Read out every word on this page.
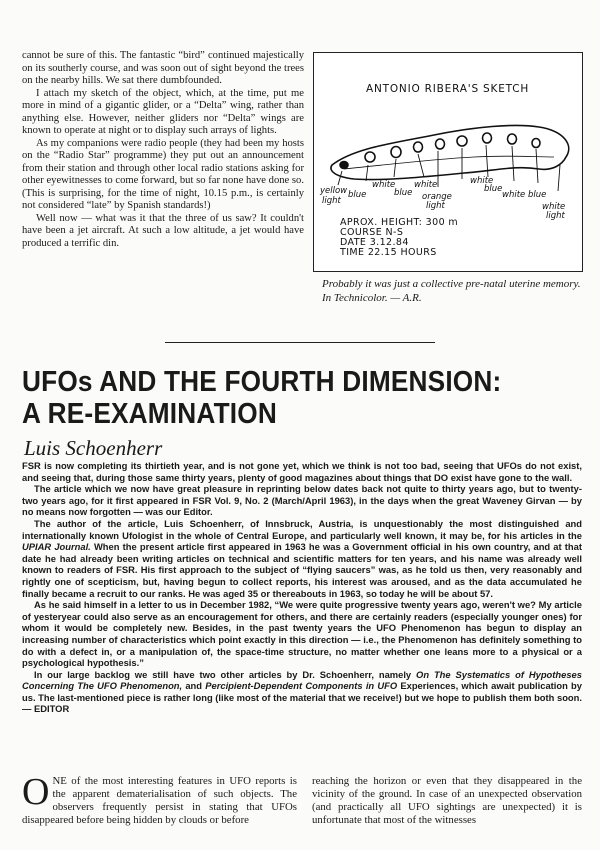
cannot be sure of this. The fantastic “bird” continued majestically on its southerly course, and was soon out of sight beyond the trees on the nearby hills. We sat there dumbfounded.

I attach my sketch of the object, which, at the time, put me more in mind of a gigantic glider, or a “Delta” wing, rather than anything else. However, neither gliders nor “Delta” wings are known to operate at night or to display such arrays of lights.

As my companions were radio people (they had been my hosts on the “Radio Star” programme) they put out an announcement from their station and through other local radio stations asking for other eyewitnesses to come forward, but so far none have done so. (This is surprising, for the time of night, 10.15 p.m., is certainly not considered “late” by Spanish standards!)

Well now — what was it that the three of us saw? It couldn't have been a jet aircraft. At such a low altitude, a jet would have produced a terrific din.

ANTONIO RIBERA'S SKETCH
yellow
light
blue
white
blue
white
orange
light
white
blue
white blue
white
light
APROX. HEIGHT: 300 m
COURSE N-S
DATE 3.12.84
TIME 22.15 HOURS
Probably it was just a collective pre-natal uterine memory. In Technicolor. — A.R.
UFOs AND THE FOURTH DIMENSION:
A RE-EXAMINATION
Luis Schoenherr

FSR is now completing its thirtieth year, and is not gone yet, which we think is not too bad, seeing that UFOs do not exist, and seeing that, during those same thirty years, plenty of good magazines about things that DO exist have gone to the wall.

The article which we now have great pleasure in reprinting below dates back not quite to thirty years ago, but to twenty-two years ago, for it first appeared in FSR Vol. 9, No. 2 (March/April 1963), in the days when the great Waveney Girvan — by no means now forgotten — was our Editor.

The author of the article, Luis Schoenherr, of Innsbruck, Austria, is unquestionably the most distinguished and internationally known Ufologist in the whole of Central Europe, and particularly well known, it may be, for his articles in the UPIAR Journal. When the present article first appeared in 1963 he was a Government official in his own country, and at that date he had already been writing articles on technical and scientific matters for ten years, and his name was already well known to readers of FSR. His first approach to the subject of “flying saucers” was, as he told us then, very reasonably and rightly one of scepticism, but, having begun to collect reports, his interest was aroused, and as the data accumulated he finally became a recruit to our ranks. He was aged 35 or thereabouts in 1963, so today he will be about 57.

As he said himself in a letter to us in December 1982, “We were quite progressive twenty years ago, weren't we? My article of yesteryear could also serve as an encouragement for others, and there are certainly readers (especially younger ones) for whom it would be completely new. Besides, in the past twenty years the UFO Phenomenon has begun to display an increasing number of characteristics which point exactly in this direction — i.e., the Phenomenon has definitely something to do with a defect in, or a manipulation of, the space-time structure, no matter whether one leans more to a physical or a psychological hypothesis.”

In our large backlog we still have two other articles by Dr. Schoenherr, namely On The Systematics of Hypotheses Concerning The UFO Phenomenon, and Percipient-Dependent Components in UFO Experiences, which await publication by us. The last-mentioned piece is rather long (like most of the material that we receive!) but we hope to publish them both soon. — EDITOR

ONE of the most interesting features in UFO reports is the apparent dematerialisation of such objects. The observers frequently persist in stating that UFOs disappeared before being hidden by clouds or before
reaching the horizon or even that they disappeared in the vicinity of the ground. In case of an unexpected observation (and practically all UFO sightings are unexpected) it is unfortunate that most of the witnesses
